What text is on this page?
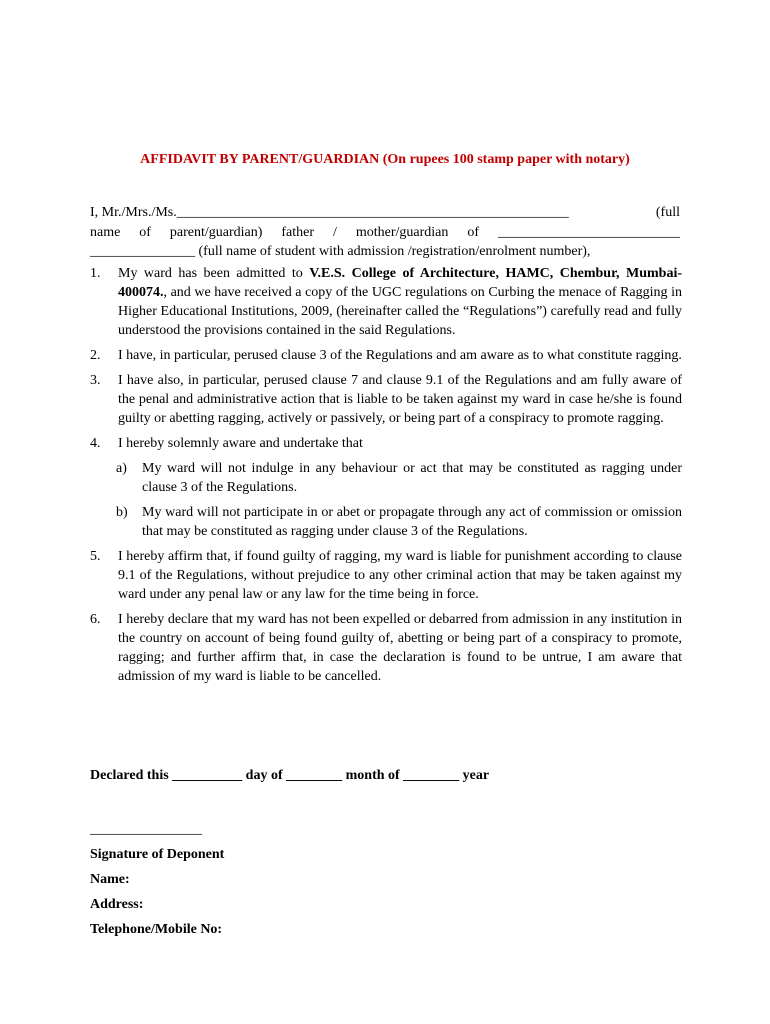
AFFIDAVIT BY PARENT/GUARDIAN (On rupees 100 stamp paper with notary)
I, Mr./Mrs./Ms.________________________________________________________	(full
name of parent/guardian) father / mother/guardian of __________________________
_______________ (full name of student with admission /registration/enrolment number),
1.	My ward has been admitted to V.E.S. College of Architecture, HAMC, Chembur, Mumbai-400074., and we have received a copy of the UGC regulations on Curbing the menace of Ragging in Higher Educational Institutions, 2009, (hereinafter called the “Regulations”) carefully read and fully understood the provisions contained in the said Regulations.
2.	I have, in particular, perused clause 3 of the Regulations and am aware as to what constitute ragging.
3.	I have also, in particular, perused clause 7 and clause 9.1 of the Regulations and am fully aware of the penal and administrative action that is liable to be taken against my ward in case he/she is found guilty or abetting ragging, actively or passively, or being part of a conspiracy to promote ragging.
4.	I hereby solemnly aware and undertake that
a)	My ward will not indulge in any behaviour or act that may be constituted as ragging under clause 3 of the Regulations.
b)	My ward will not participate in or abet or propagate through any act of commission or omission that may be constituted as ragging under clause 3 of the Regulations.
5.	I hereby affirm that, if found guilty of ragging, my ward is liable for punishment according to clause 9.1 of the Regulations, without prejudice to any other criminal action that may be taken against my ward under any penal law or any law for the time being in force.
6.	I hereby declare that my ward has not been expelled or debarred from admission in any institution in the country on account of being found guilty of, abetting or being part of a conspiracy to promote, ragging; and further affirm that, in case the declaration is found to be untrue, I am aware that admission of my ward is liable to be cancelled.
Declared this __________ day of ________ month of ________ year
________________
Signature of Deponent
Name:
Address:
Telephone/Mobile No:
